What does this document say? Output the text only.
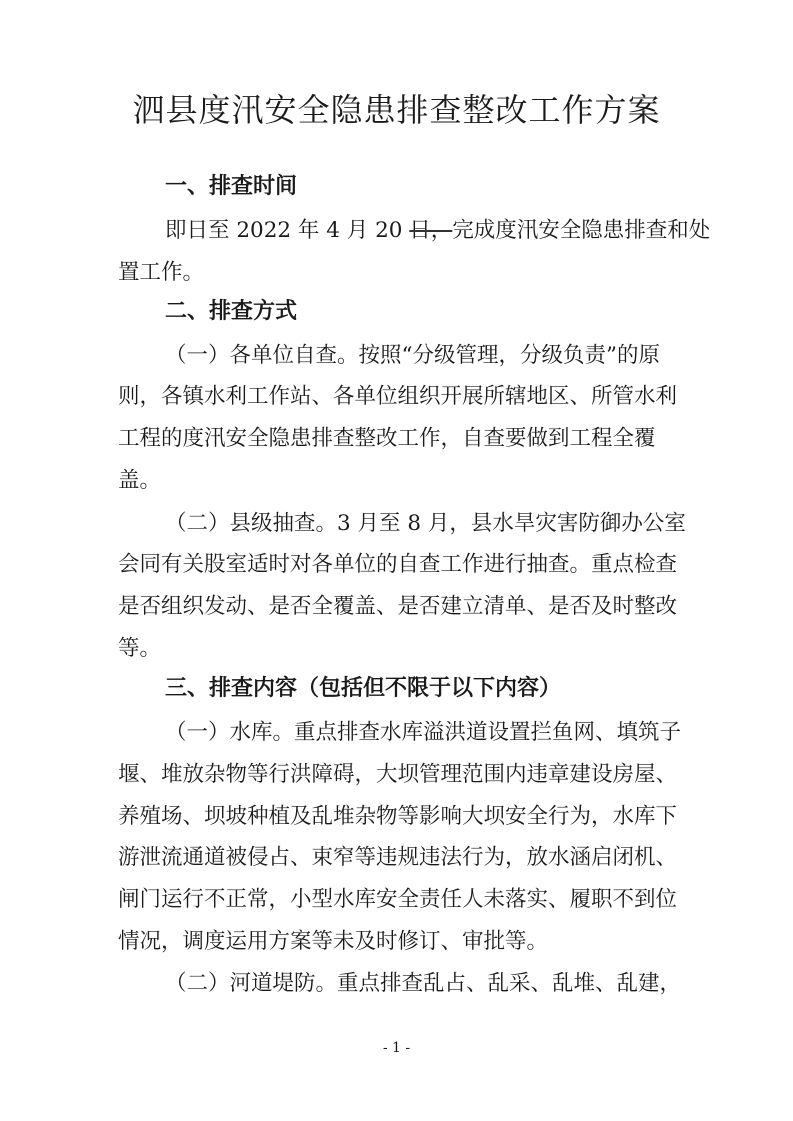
泗县度汛安全隐患排查整改工作方案
一、排查时间
即日至 2022 年 4 月 20 日，完成度汛安全隐患排查和处
置工作。
二、排查方式
（一）各单位自查。按照“分级管理，分级负责”的原
则，各镇水利工作站、各单位组织开展所辖地区、所管水利
工程的度汛安全隐患排查整改工作，自查要做到工程全覆
盖。
（二）县级抽查。3 月至 8 月，县水旱灾害防御办公室
会同有关股室适时对各单位的自查工作进行抽查。重点检查
是否组织发动、是否全覆盖、是否建立清单、是否及时整改
等。
三、排查内容（包括但不限于以下内容）
（一）水库。重点排查水库溢洪道设置拦鱼网、填筑子
堰、堆放杂物等行洪障碍，大坝管理范围内违章建设房屋、
养殖场、坝坡种植及乱堆杂物等影响大坝安全行为，水库下
游泄流通道被侵占、束窄等违规违法行为，放水涵启闭机、
闸门运行不正常，小型水库安全责任人未落实、履职不到位
情况，调度运用方案等未及时修订、审批等。
（二）河道堤防。重点排查乱占、乱采、乱堆、乱建，
- 1 -
